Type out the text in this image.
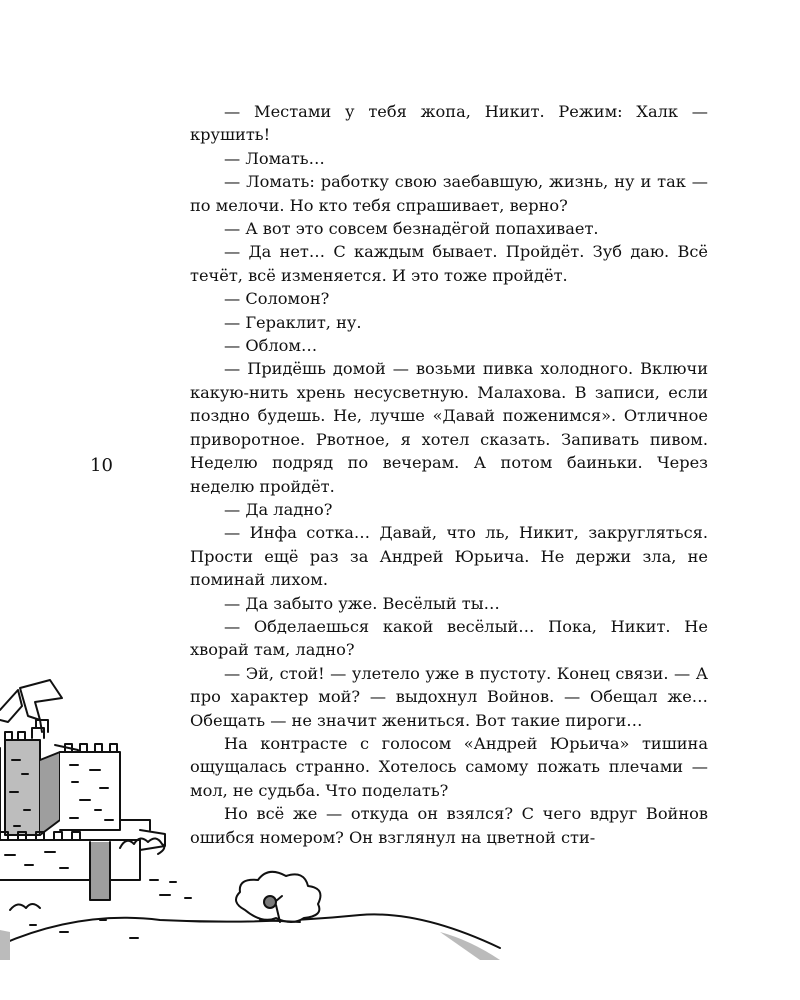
— Местами у тебя жопа, Никит. Режим: Халк — крушить!

— Ломать…

— Ломать: работку свою заебавшую, жизнь, ну и так — по мелочи. Но кто тебя спрашивает, верно?

— А вот это совсем безнадёгой попахивает.

— Да нет… С каждым бывает. Пройдёт. Зуб даю. Всё течёт, всё изменяется. И это тоже пройдёт.

— Соломон?

— Гераклит, ну.

— Облом…

— Придёшь домой — возьми пивка холодного. Включи какую-нить хрень несусветную. Малахова. В записи, если поздно будешь. Не, лучше «Давай поженимся». Отличное приворотное. Рвотное, я хотел сказать. Запивать пивом. Неделю подряд по вечерам. А потом баиньки. Через неделю пройдёт.

— Да ладно?

— Инфа сотка… Давай, что ль, Никит, закругляться. Прости ещё раз за Андрей Юрьича. Не держи зла, не поминай лихом.

— Да забыто уже. Весёлый ты…

— Обделаешься какой весёлый… Пока, Никит. Не хворай там, ладно?

— Эй, стой! — улетело уже в пустоту. Конец связи. — А про характер мой? — выдохнул Войнов. — Обещал же… Обещать — не значит жениться. Вот такие пироги…

На контрасте с голосом «Андрей Юрьича» тишина ощущалась странно. Хотелось самому пожать плечами — мол, не судьба. Что поделать?

Но всё же — откуда он взялся? С чего вдруг Войнов ошибся номером? Он взглянул на цветной сти-

10
